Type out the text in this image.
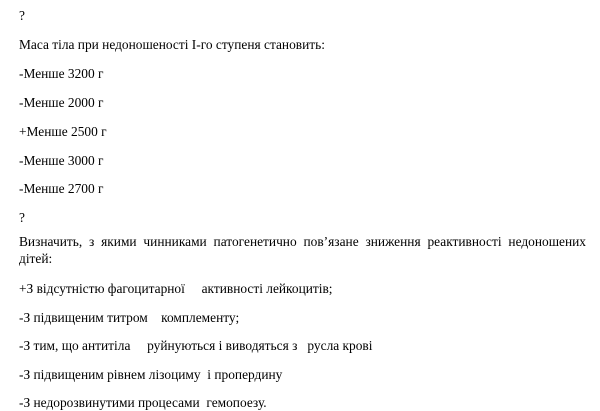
?
Маса тіла при недоношеності І-го ступеня становить:
-Менше 3200 г
-Менше 2000 г
+Менше 2500 г
-Менше 3000 г
-Менше 2700 г
?
Визначить, з якими чинниками патогенетично пов’язане зниження реактивності недоношених дітей:
+З відсутністю фагоцитарної     активності лейкоцитів;
-З підвищеним титром    комплементу;
-З тим, що антитіла     руйнуються і виводяться з   русла крові
-З підвищеним рівнем лізоциму  і пропердину
-З недорозвинутими процесами  гемопоезу.
